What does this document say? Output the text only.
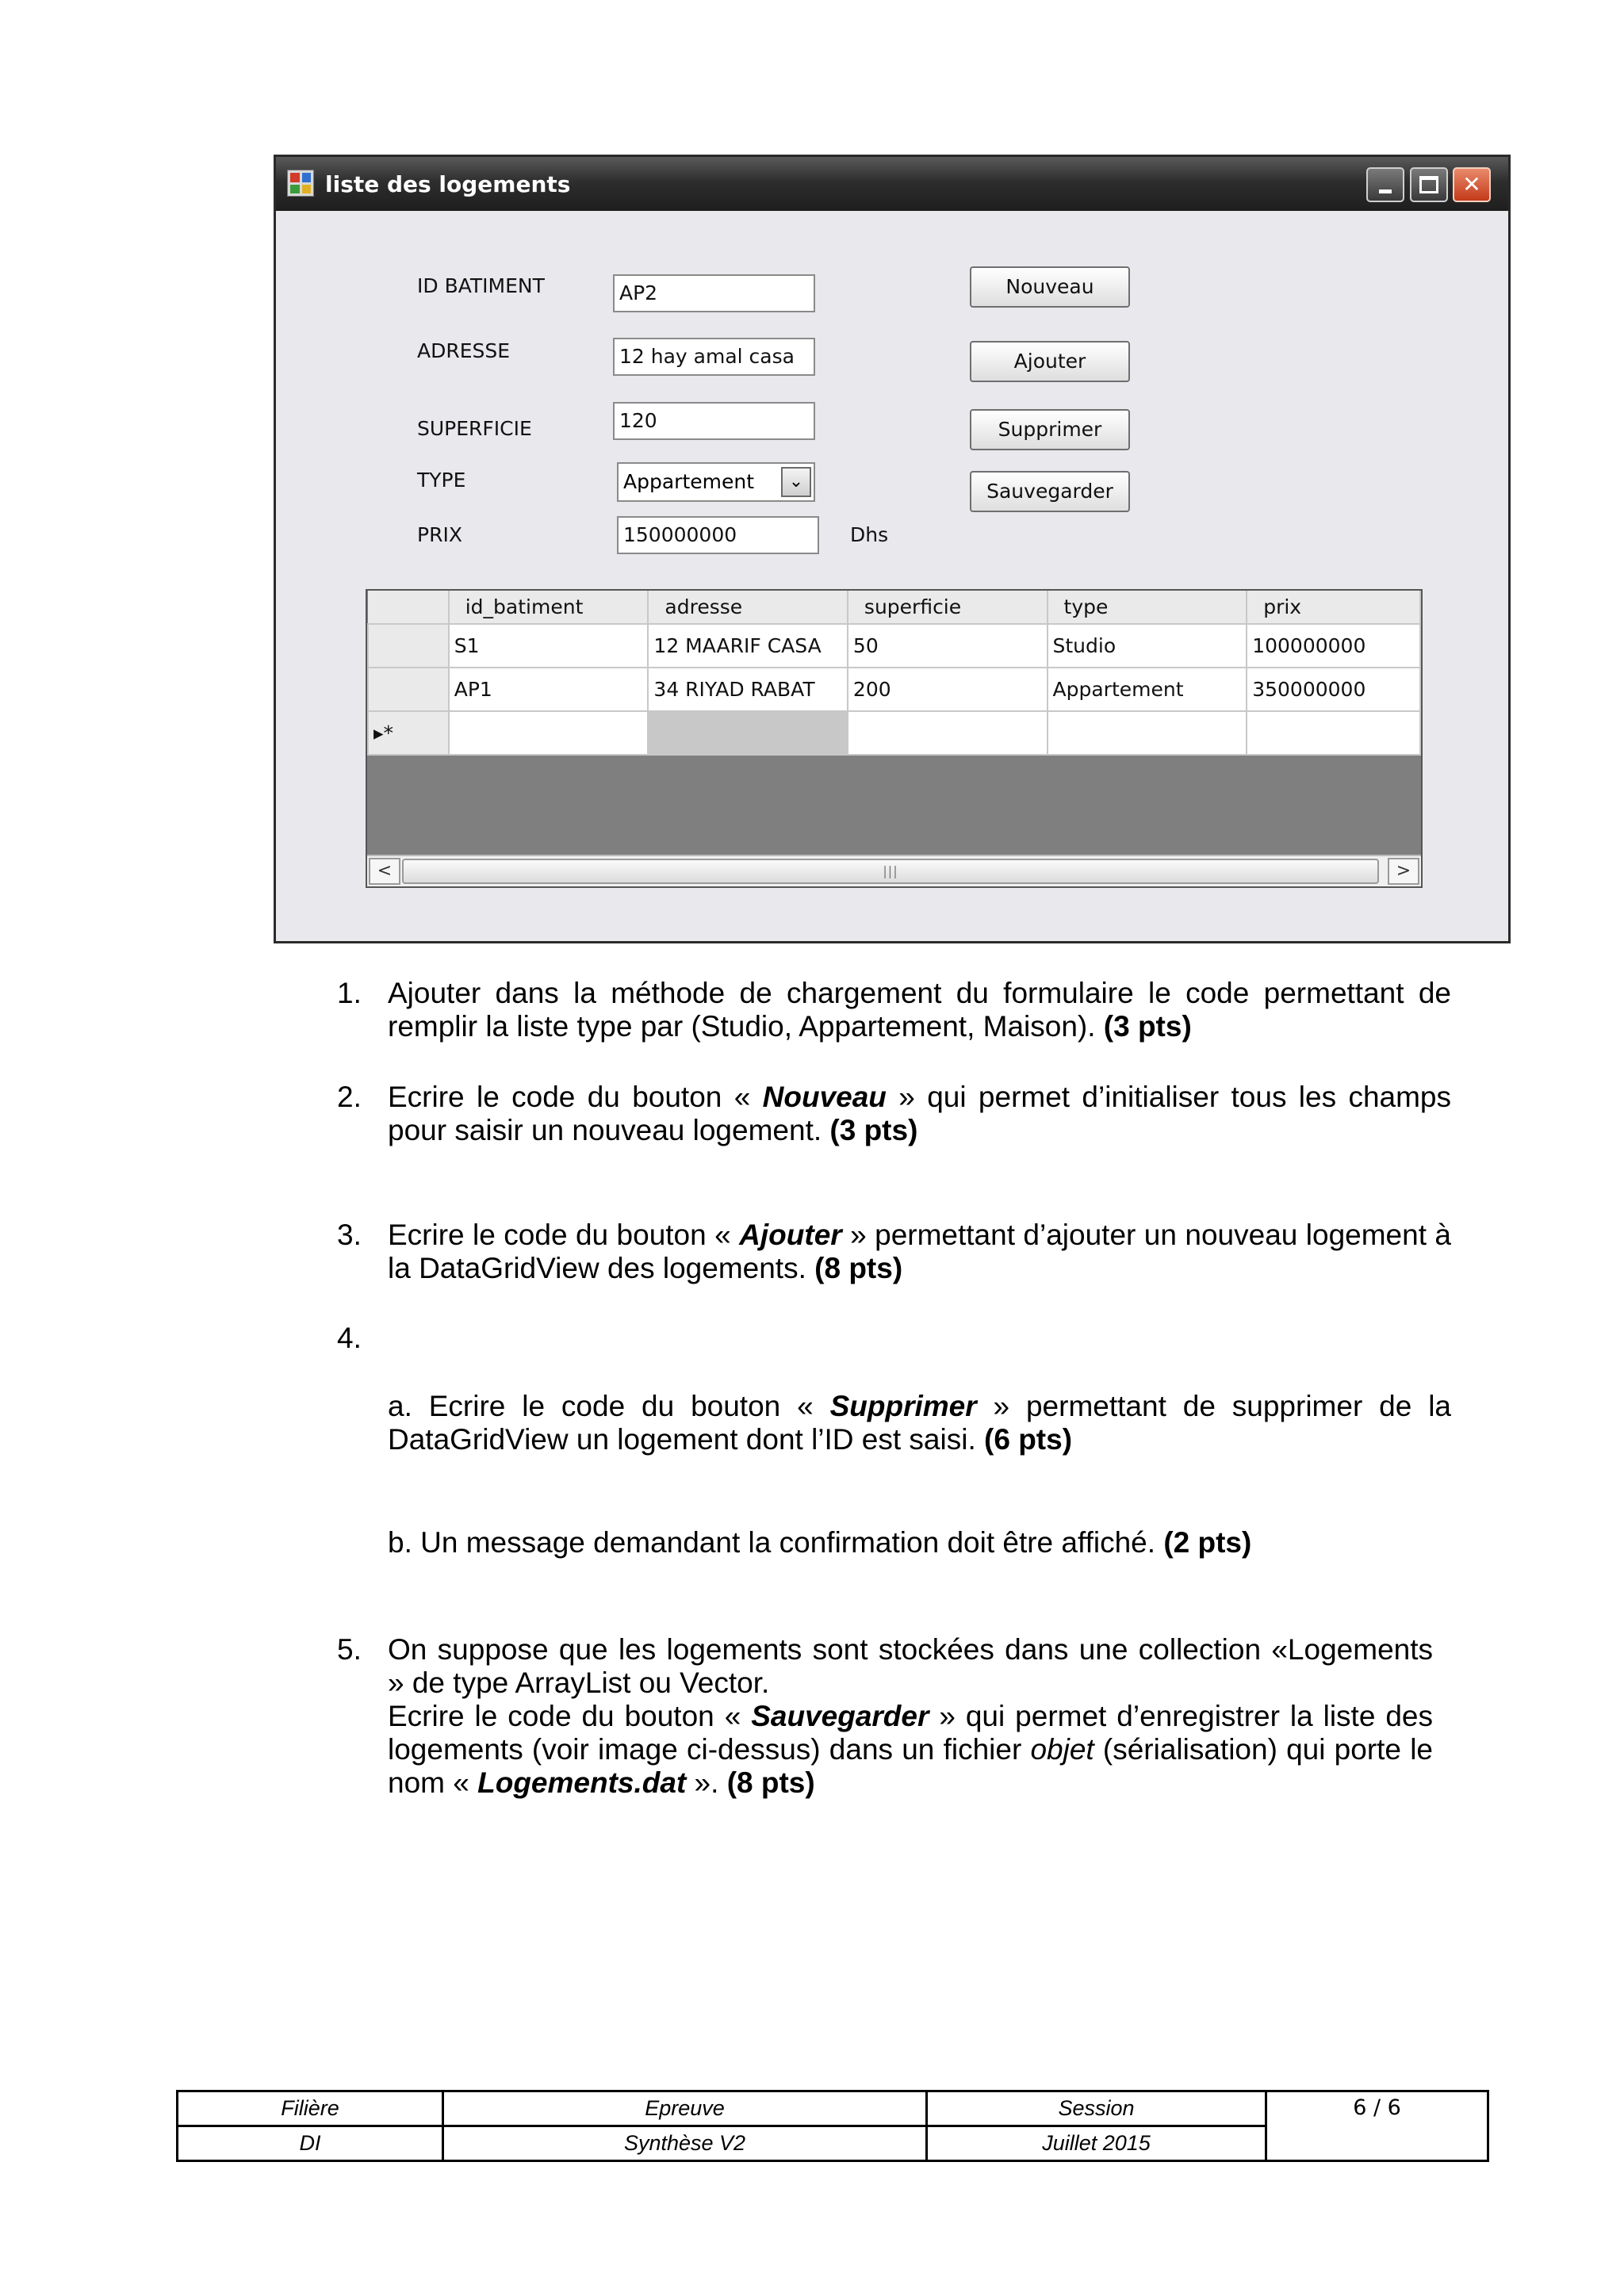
liste des logements	✕
ID BATIMENT	AP2
ADRESSE	12 hay amal casa
SUPERFICIE	120
TYPE	Appartement	⌄
PRIX	150000000	Dhs
Nouveau
Ajouter
Supprimer
Sauvegarder
	id_batiment	adresse	superficie	type	prix
	S1	12 MAARIF CASA	50	Studio	100000000
	AP1	34 RIYAD RABAT	200	Appartement	350000000
▸*					
<	|||	>
1. Ajouter dans la méthode de chargement du formulaire le code permettant de remplir la liste type par (Studio, Appartement, Maison). (3 pts)
2. Ecrire le code du bouton « Nouveau » qui permet d’initialiser tous les champs pour saisir un nouveau logement. (3 pts)
3. Ecrire le code du bouton « Ajouter » permettant d’ajouter un nouveau logement à la DataGridView des logements. (8 pts)
4.
a. Ecrire le code du bouton « Supprimer » permettant de supprimer de la DataGridView un logement dont l’ID est saisi. (6 pts)
b. Un message demandant la confirmation doit être affiché. (2 pts)
5. On suppose que les logements sont stockées dans une collection «Logements » de type ArrayList ou Vector.
Ecrire le code du bouton « Sauvegarder » qui permet d’enregistrer la liste des logements (voir image ci-dessus) dans un fichier objet (sérialisation) qui porte le nom « Logements.dat ». (8 pts)
Filière	Epreuve	Session	6 / 6
DI	Synthèse V2	Juillet 2015	
